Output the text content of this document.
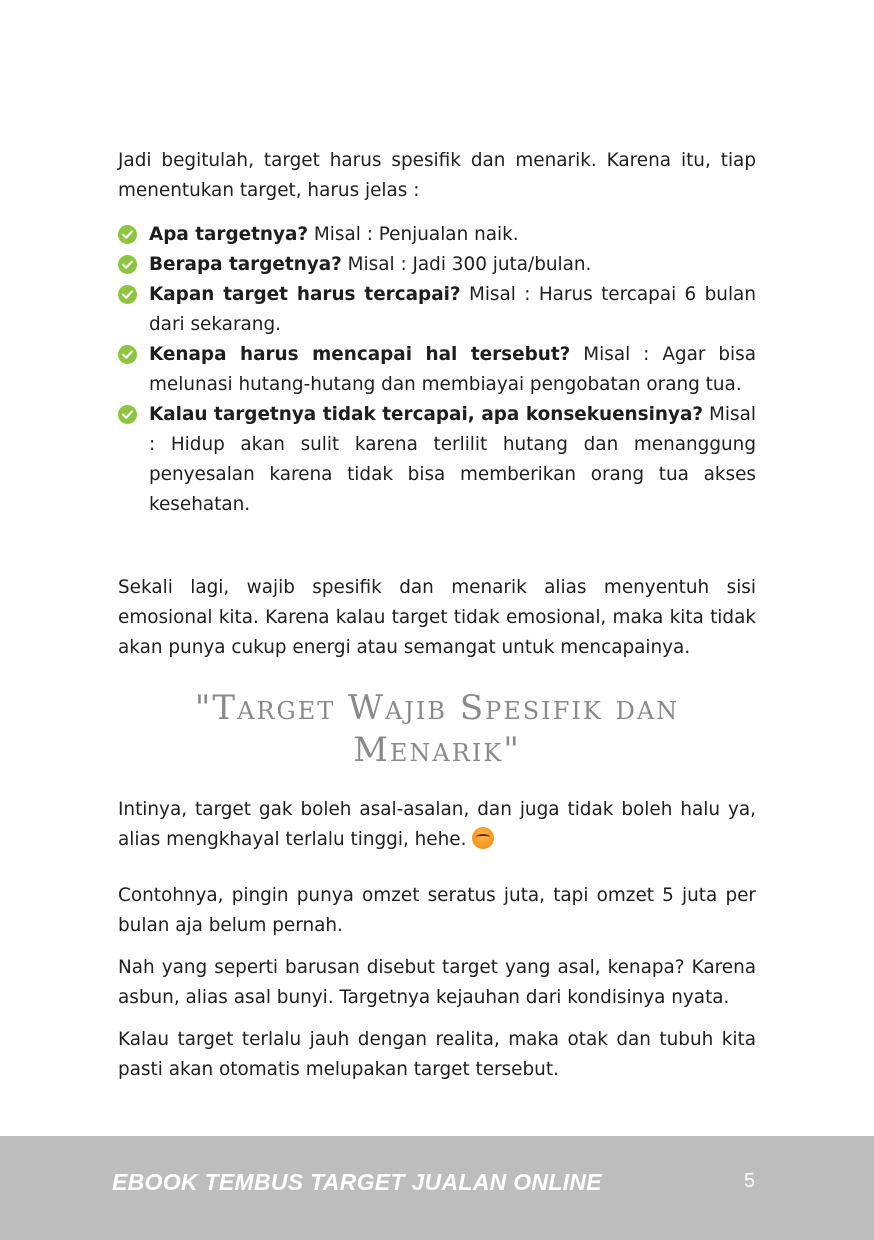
Jadi begitulah, target harus spesifik dan menarik. Karena itu, tiap menentukan target, harus jelas :

Apa targetnya? Misal : Penjualan naik.
Berapa targetnya? Misal : Jadi 300 juta/bulan.
Kapan target harus tercapai? Misal : Harus tercapai 6 bulan dari sekarang.
Kenapa harus mencapai hal tersebut? Misal : Agar bisa melunasi hutang-hutang dan membiayai pengobatan orang tua.
Kalau targetnya tidak tercapai, apa konsekuensinya? Misal : Hidup akan sulit karena terlilit hutang dan menanggung penyesalan karena tidak bisa memberikan orang tua akses kesehatan.

Sekali lagi, wajib spesifik dan menarik alias menyentuh sisi emosional kita. Karena kalau target tidak emosional, maka kita tidak akan punya cukup energi atau semangat untuk mencapainya.

"Target Wajib Spesifik dan Menarik"

Intinya, target gak boleh asal-asalan, dan juga tidak boleh halu ya, alias mengkhayal terlalu tinggi, hehe.

Contohnya, pingin punya omzet seratus juta, tapi omzet 5 juta per bulan aja belum pernah.

Nah yang seperti barusan disebut target yang asal, kenapa? Karena asbun, alias asal bunyi. Targetnya kejauhan dari kondisinya nyata.

Kalau target terlalu jauh dengan realita, maka otak dan tubuh kita pasti akan otomatis melupakan target tersebut.

EBOOK TEMBUS TARGET JUALAN ONLINE	5
